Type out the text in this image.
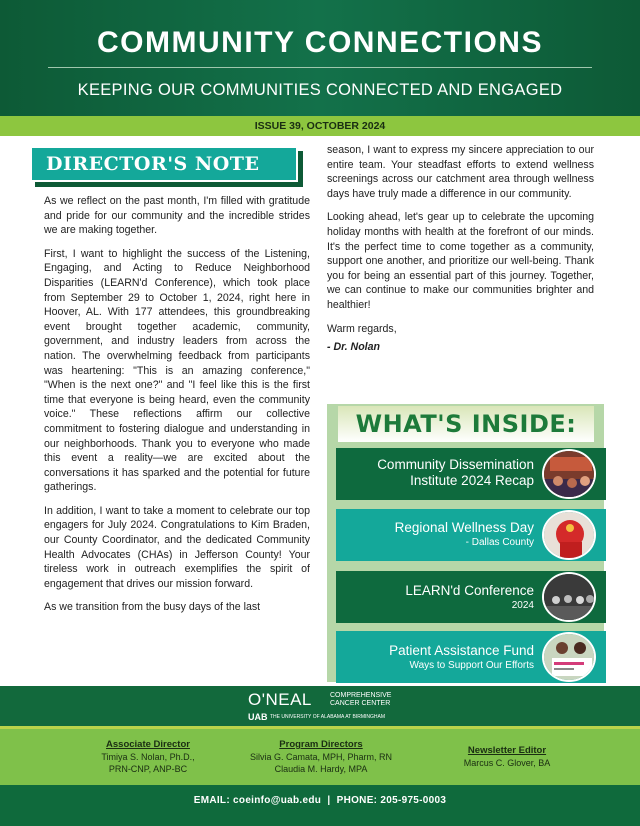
COMMUNITY CONNECTIONS
KEEPING OUR COMMUNITIES CONNECTED AND ENGAGED
ISSUE 39, OCTOBER 2024
DIRECTOR'S NOTE

As we reflect on the past month, I'm filled with gratitude and pride for our community and the incredible strides we are making together.

First, I want to highlight the success of the Listening, Engaging, and Acting to Reduce Neighborhood Disparities (LEARN'd Conference), which took place from September 29 to October 1, 2024, right here in Hoover, AL. With 177 attendees, this groundbreaking event brought together academic, community, government, and industry leaders from across the nation. The overwhelming feedback from participants was heartening: "This is an amazing conference," "When is the next one?" and "I feel like this is the first time that everyone is being heard, even the community voice." These reflections affirm our collective commitment to fostering dialogue and understanding in our neighborhoods. Thank you to everyone who made this event a reality—we are excited about the conversations it has sparked and the potential for future gatherings.

In addition, I want to take a moment to celebrate our top engagers for July 2024. Congratulations to Kim Braden, our County Coordinator, and the dedicated Community Health Advocates (CHAs) in Jefferson County! Your tireless work in outreach exemplifies the spirit of engagement that drives our mission forward.

As we transition from the busy days of the last

season, I want to express my sincere appreciation to our entire team. Your steadfast efforts to extend wellness screenings across our catchment area through wellness days have truly made a difference in our community.

Looking ahead, let's gear up to celebrate the upcoming holiday months with health at the forefront of our minds. It's the perfect time to come together as a community, support one another, and prioritize our well-being. Thank you for being an essential part of this journey. Together, we can continue to make our communities brighter and healthier!

Warm regards,

- Dr. Nolan

WHAT'S INSIDE:
Community Dissemination
Institute 2024 Recap
Regional Wellness Day
- Dallas County
LEARN'd Conference
2024
Patient Assistance Fund
Ways to Support Our Efforts
O'NEAL	COMPREHENSIVE
CANCER CENTER
UAB THE UNIVERSITY OF ALABAMA AT BIRMINGHAM
Associate Director
Timiya S. Nolan, Ph.D.,
PRN-CNP, ANP-BC
Program Directors
Silvia G. Camata, MPH, Pharm, RN
Claudia M. Hardy, MPA
Newsletter Editor
Marcus C. Glover, BA
EMAIL: coeinfo@uab.edu  |  PHONE: 205-975-0003
